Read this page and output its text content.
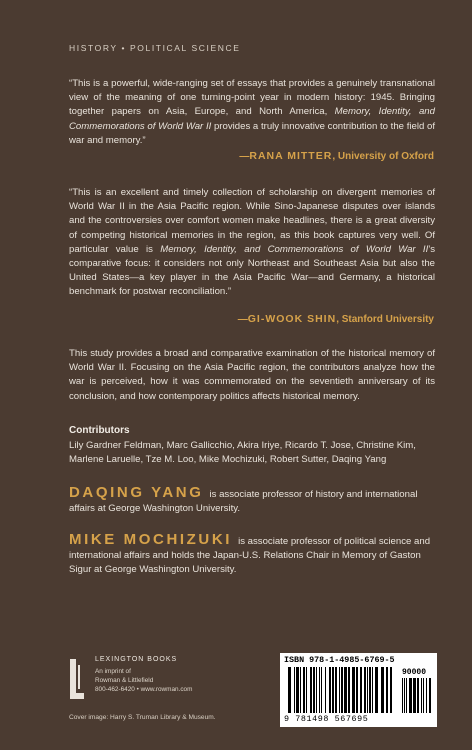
HISTORY • POLITICAL SCIENCE
“This is a powerful, wide-ranging set of essays that provides a genuinely transnational view of the meaning of one turning-point year in modern history: 1945. Bringing together papers on Asia, Europe, and North America, Memory, Identity, and Commemorations of World War II provides a truly innovative contribution to the field of war and memory.”
—RANA MITTER, University of Oxford
“This is an excellent and timely collection of scholarship on divergent memories of World War II in the Asia Pacific region. While Sino-Japanese disputes over islands and the controversies over comfort women make headlines, there is a great diversity of competing historical memories in the region, as this book captures very well. Of particular value is Memory, Identity, and Commemorations of World War II’s comparative focus: it considers not only Northeast and Southeast Asia but also the United States—a key player in the Asia Pacific War—and Germany, a historical benchmark for postwar reconciliation.”
—GI-WOOK SHIN, Stanford University
This study provides a broad and comparative examination of the historical memory of World War II. Focusing on the Asia Pacific region, the contributors analyze how the war is perceived, how it was commemorated on the seventieth anniversary of its conclusion, and how contemporary politics affects historical memory.
Contributors
Lily Gardner Feldman, Marc Gallicchio, Akira Iriye, Ricardo T. Jose, Christine Kim, Marlene Laruelle, Tze M. Loo, Mike Mochizuki, Robert Sutter, Daqing Yang
DAQING YANG is associate professor of history and international affairs at George Washington University.
MIKE MOCHIZUKI is associate professor of political science and international affairs and holds the Japan-U.S. Relations Chair in Memory of Gaston Sigur at George Washington University.
LEXINGTON BOOKS
An imprint of
Rowman & Littlefield
800-462-6420 • www.rowman.com
Cover image: Harry S. Truman Library & Museum.
ISBN 978-1-4985-6769-5
90000
9 781498 567695
